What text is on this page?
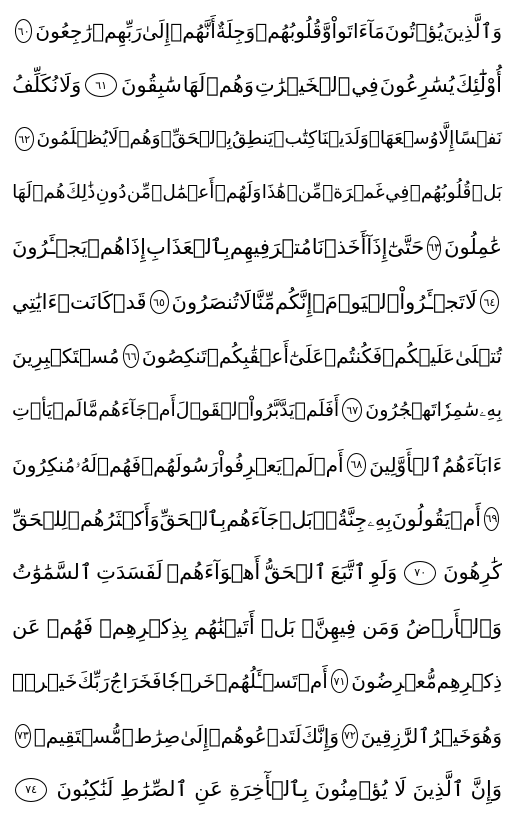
وَٱلَّذِينَ
يُؤۡتُونَ
مَآ
ءَاتَواْ
وَّقُلُوبُهُمۡ
وَجِلَةٌ
أَنَّهُمۡ
إِلَىٰ
رَبِّهِمۡ
رَٰجِعُونَ
٦٠
أُوْلَٰٓئِكَ
يُسَٰرِعُونَ
فِي
ٱلۡخَيۡرَٰتِ
وَهُمۡ
لَهَا
سَٰبِقُونَ
٦١
وَلَا
نُكَلِّفُ
نَفۡسًا
إِلَّا
وُسۡعَهَاۖ
وَلَدَيۡنَا
كِتَٰبٞ
يَنطِقُ
بِٱلۡحَقِّۚ
وَهُمۡ
لَا
يُظۡلَمُونَ
٦٢
بَلۡ
قُلُوبُهُمۡ
فِي
غَمۡرَةٖ
مِّنۡ
هَٰذَا
وَلَهُمۡ
أَعۡمَٰلٞ
مِّن
دُونِ
ذَٰلِكَ
هُمۡ
لَهَا
عَٰمِلُونَ
٦٣
حَتَّىٰٓ
إِذَآ
أَخَذۡنَا
مُتۡرَفِيهِم
بِٱلۡعَذَابِ
إِذَا
هُمۡ
يَجۡـَٔرُونَ
٦٤
لَا
تَجۡـَٔرُواْ
ٱلۡيَوۡمَۖ
إِنَّكُم
مِّنَّا
لَا
تُنصَرُونَ
٦٥
قَدۡ
كَانَتۡ
ءَايَٰتِي
تُتۡلَىٰ
عَلَيۡكُمۡ
فَكُنتُمۡ
عَلَىٰٓ
أَعۡقَٰبِكُمۡ
تَنكِصُونَ
٦٦
مُسۡتَكۡبِرِينَ
بِهِۦ
سَٰمِرٗا
تَهۡجُرُونَ
٦٧
أَفَلَمۡ
يَدَّبَّرُواْ
ٱلۡقَوۡلَ
أَمۡ
جَآءَهُم
مَّا
لَمۡ
يَأۡتِ
ءَابَآءَهُمُ
ٱلۡأَوَّلِينَ
٦٨
أَمۡ
لَمۡ
يَعۡرِفُواْ
رَسُولَهُمۡ
فَهُمۡ
لَهُۥ
مُنكِرُونَ
٦٩
أَمۡ
يَقُولُونَ
بِهِۦ
جِنَّةُۢۚ
بَلۡ
جَآءَهُم
بِٱلۡحَقِّ
وَأَكۡثَرُهُمۡ
لِلۡحَقِّ
كَٰرِهُونَ
٧٠
وَلَوِ
ٱتَّبَعَ
ٱلۡحَقُّ
أَهۡوَآءَهُمۡ
لَفَسَدَتِ
ٱلسَّمَٰوَٰتُ
وَٱلۡأَرۡضُ
وَمَن
فِيهِنَّۚ
بَلۡ
أَتَيۡنَٰهُم
بِذِكۡرِهِمۡ
فَهُمۡ
عَن
ذِكۡرِهِم
مُّعۡرِضُونَ
٧١
أَمۡ
تَسۡـَٔلُهُمۡ
خَرۡجٗا
فَخَرَاجُ
رَبِّكَ
خَيۡرٞۖ
وَهُوَ
خَيۡرُ
ٱلرَّٰزِقِينَ
٧٢
وَإِنَّكَ
لَتَدۡعُوهُمۡ
إِلَىٰ
صِرَٰطٖ
مُّسۡتَقِيمٖ
٧٣
وَإِنَّ
ٱلَّذِينَ
لَا
يُؤۡمِنُونَ
بِٱلۡأٓخِرَةِ
عَنِ
ٱلصِّرَٰطِ
لَنَٰكِبُونَ
٧٤
